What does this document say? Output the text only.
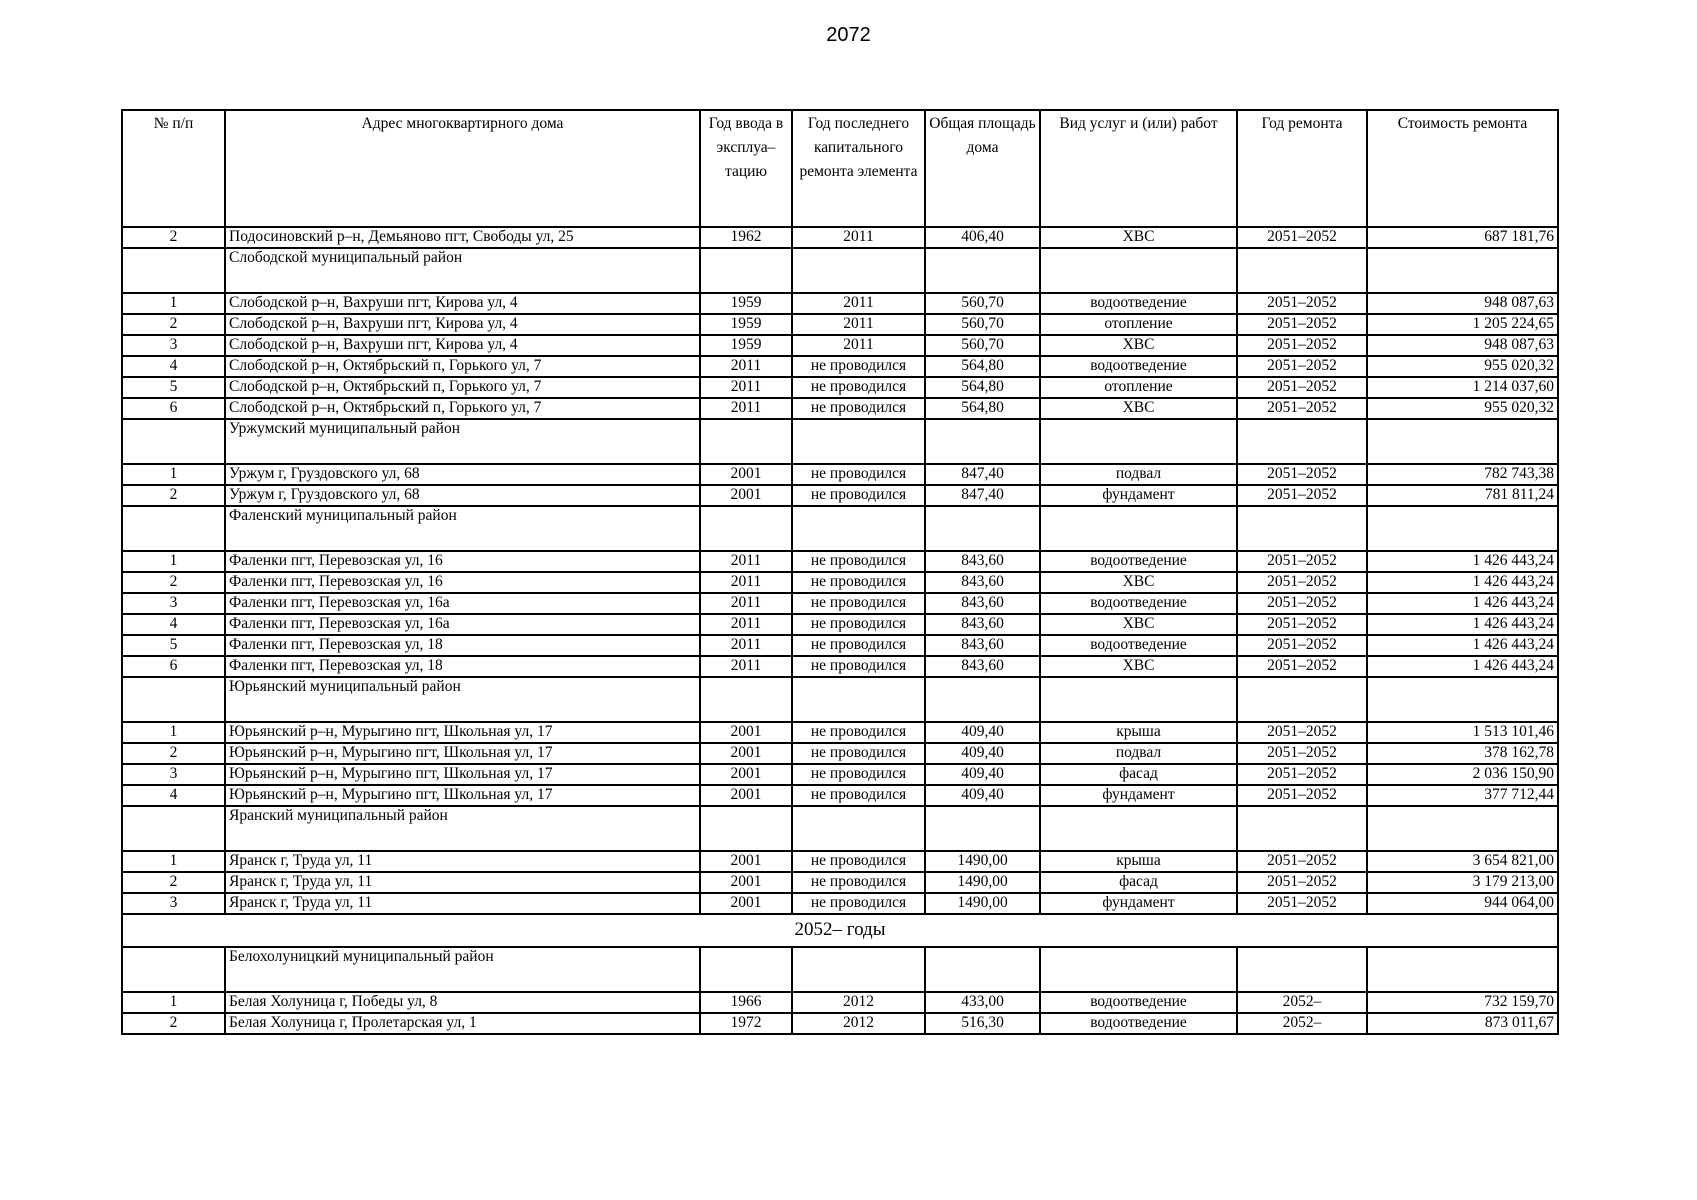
2072
№ п/п	Адрес многоквартирного дома	Год ввода в эксплуа–тацию	Год последнего капитального ремонта элемента	Общая площадь дома	Вид услуг и (или) работ	Год ремонта	Стоимость ремонта
2	Подосиновский р–н, Демьяново пгт, Свободы ул, 25	1962	2011	406,40	ХВС	2051–2052	687 181,76
	Слободской муниципальный район						
1	Слободской р–н, Вахруши пгт, Кирова ул, 4	1959	2011	560,70	водоотведение	2051–2052	948 087,63
2	Слободской р–н, Вахруши пгт, Кирова ул, 4	1959	2011	560,70	отопление	2051–2052	1 205 224,65
3	Слободской р–н, Вахруши пгт, Кирова ул, 4	1959	2011	560,70	ХВС	2051–2052	948 087,63
4	Слободской р–н, Октябрьский п, Горького ул, 7	2011	не проводился	564,80	водоотведение	2051–2052	955 020,32
5	Слободской р–н, Октябрьский п, Горького ул, 7	2011	не проводился	564,80	отопление	2051–2052	1 214 037,60
6	Слободской р–н, Октябрьский п, Горького ул, 7	2011	не проводился	564,80	ХВС	2051–2052	955 020,32
	Уржумский муниципальный район						
1	Уржум г, Груздовского ул, 68	2001	не проводился	847,40	подвал	2051–2052	782 743,38
2	Уржум г, Груздовского ул, 68	2001	не проводился	847,40	фундамент	2051–2052	781 811,24
	Фаленский муниципальный район						
1	Фаленки пгт, Перевозская ул, 16	2011	не проводился	843,60	водоотведение	2051–2052	1 426 443,24
2	Фаленки пгт, Перевозская ул, 16	2011	не проводился	843,60	ХВС	2051–2052	1 426 443,24
3	Фаленки пгт, Перевозская ул, 16а	2011	не проводился	843,60	водоотведение	2051–2052	1 426 443,24
4	Фаленки пгт, Перевозская ул, 16а	2011	не проводился	843,60	ХВС	2051–2052	1 426 443,24
5	Фаленки пгт, Перевозская ул, 18	2011	не проводился	843,60	водоотведение	2051–2052	1 426 443,24
6	Фаленки пгт, Перевозская ул, 18	2011	не проводился	843,60	ХВС	2051–2052	1 426 443,24
	Юрьянский муниципальный район						
1	Юрьянский р–н, Мурыгино пгт, Школьная ул, 17	2001	не проводился	409,40	крыша	2051–2052	1 513 101,46
2	Юрьянский р–н, Мурыгино пгт, Школьная ул, 17	2001	не проводился	409,40	подвал	2051–2052	378 162,78
3	Юрьянский р–н, Мурыгино пгт, Школьная ул, 17	2001	не проводился	409,40	фасад	2051–2052	2 036 150,90
4	Юрьянский р–н, Мурыгино пгт, Школьная ул, 17	2001	не проводился	409,40	фундамент	2051–2052	377 712,44
	Яранский муниципальный район						
1	Яранск г, Труда ул, 11	2001	не проводился	1490,00	крыша	2051–2052	3 654 821,00
2	Яранск г, Труда ул, 11	2001	не проводился	1490,00	фасад	2051–2052	3 179 213,00
3	Яранск г, Труда ул, 11	2001	не проводился	1490,00	фундамент	2051–2052	944 064,00
2052– годы							
	Белохолуницкий муниципальный район						
1	Белая Холуница г, Победы ул, 8	1966	2012	433,00	водоотведение	2052–	732 159,70
2	Белая Холуница г, Пролетарская ул, 1	1972	2012	516,30	водоотведение	2052–	873 011,67
